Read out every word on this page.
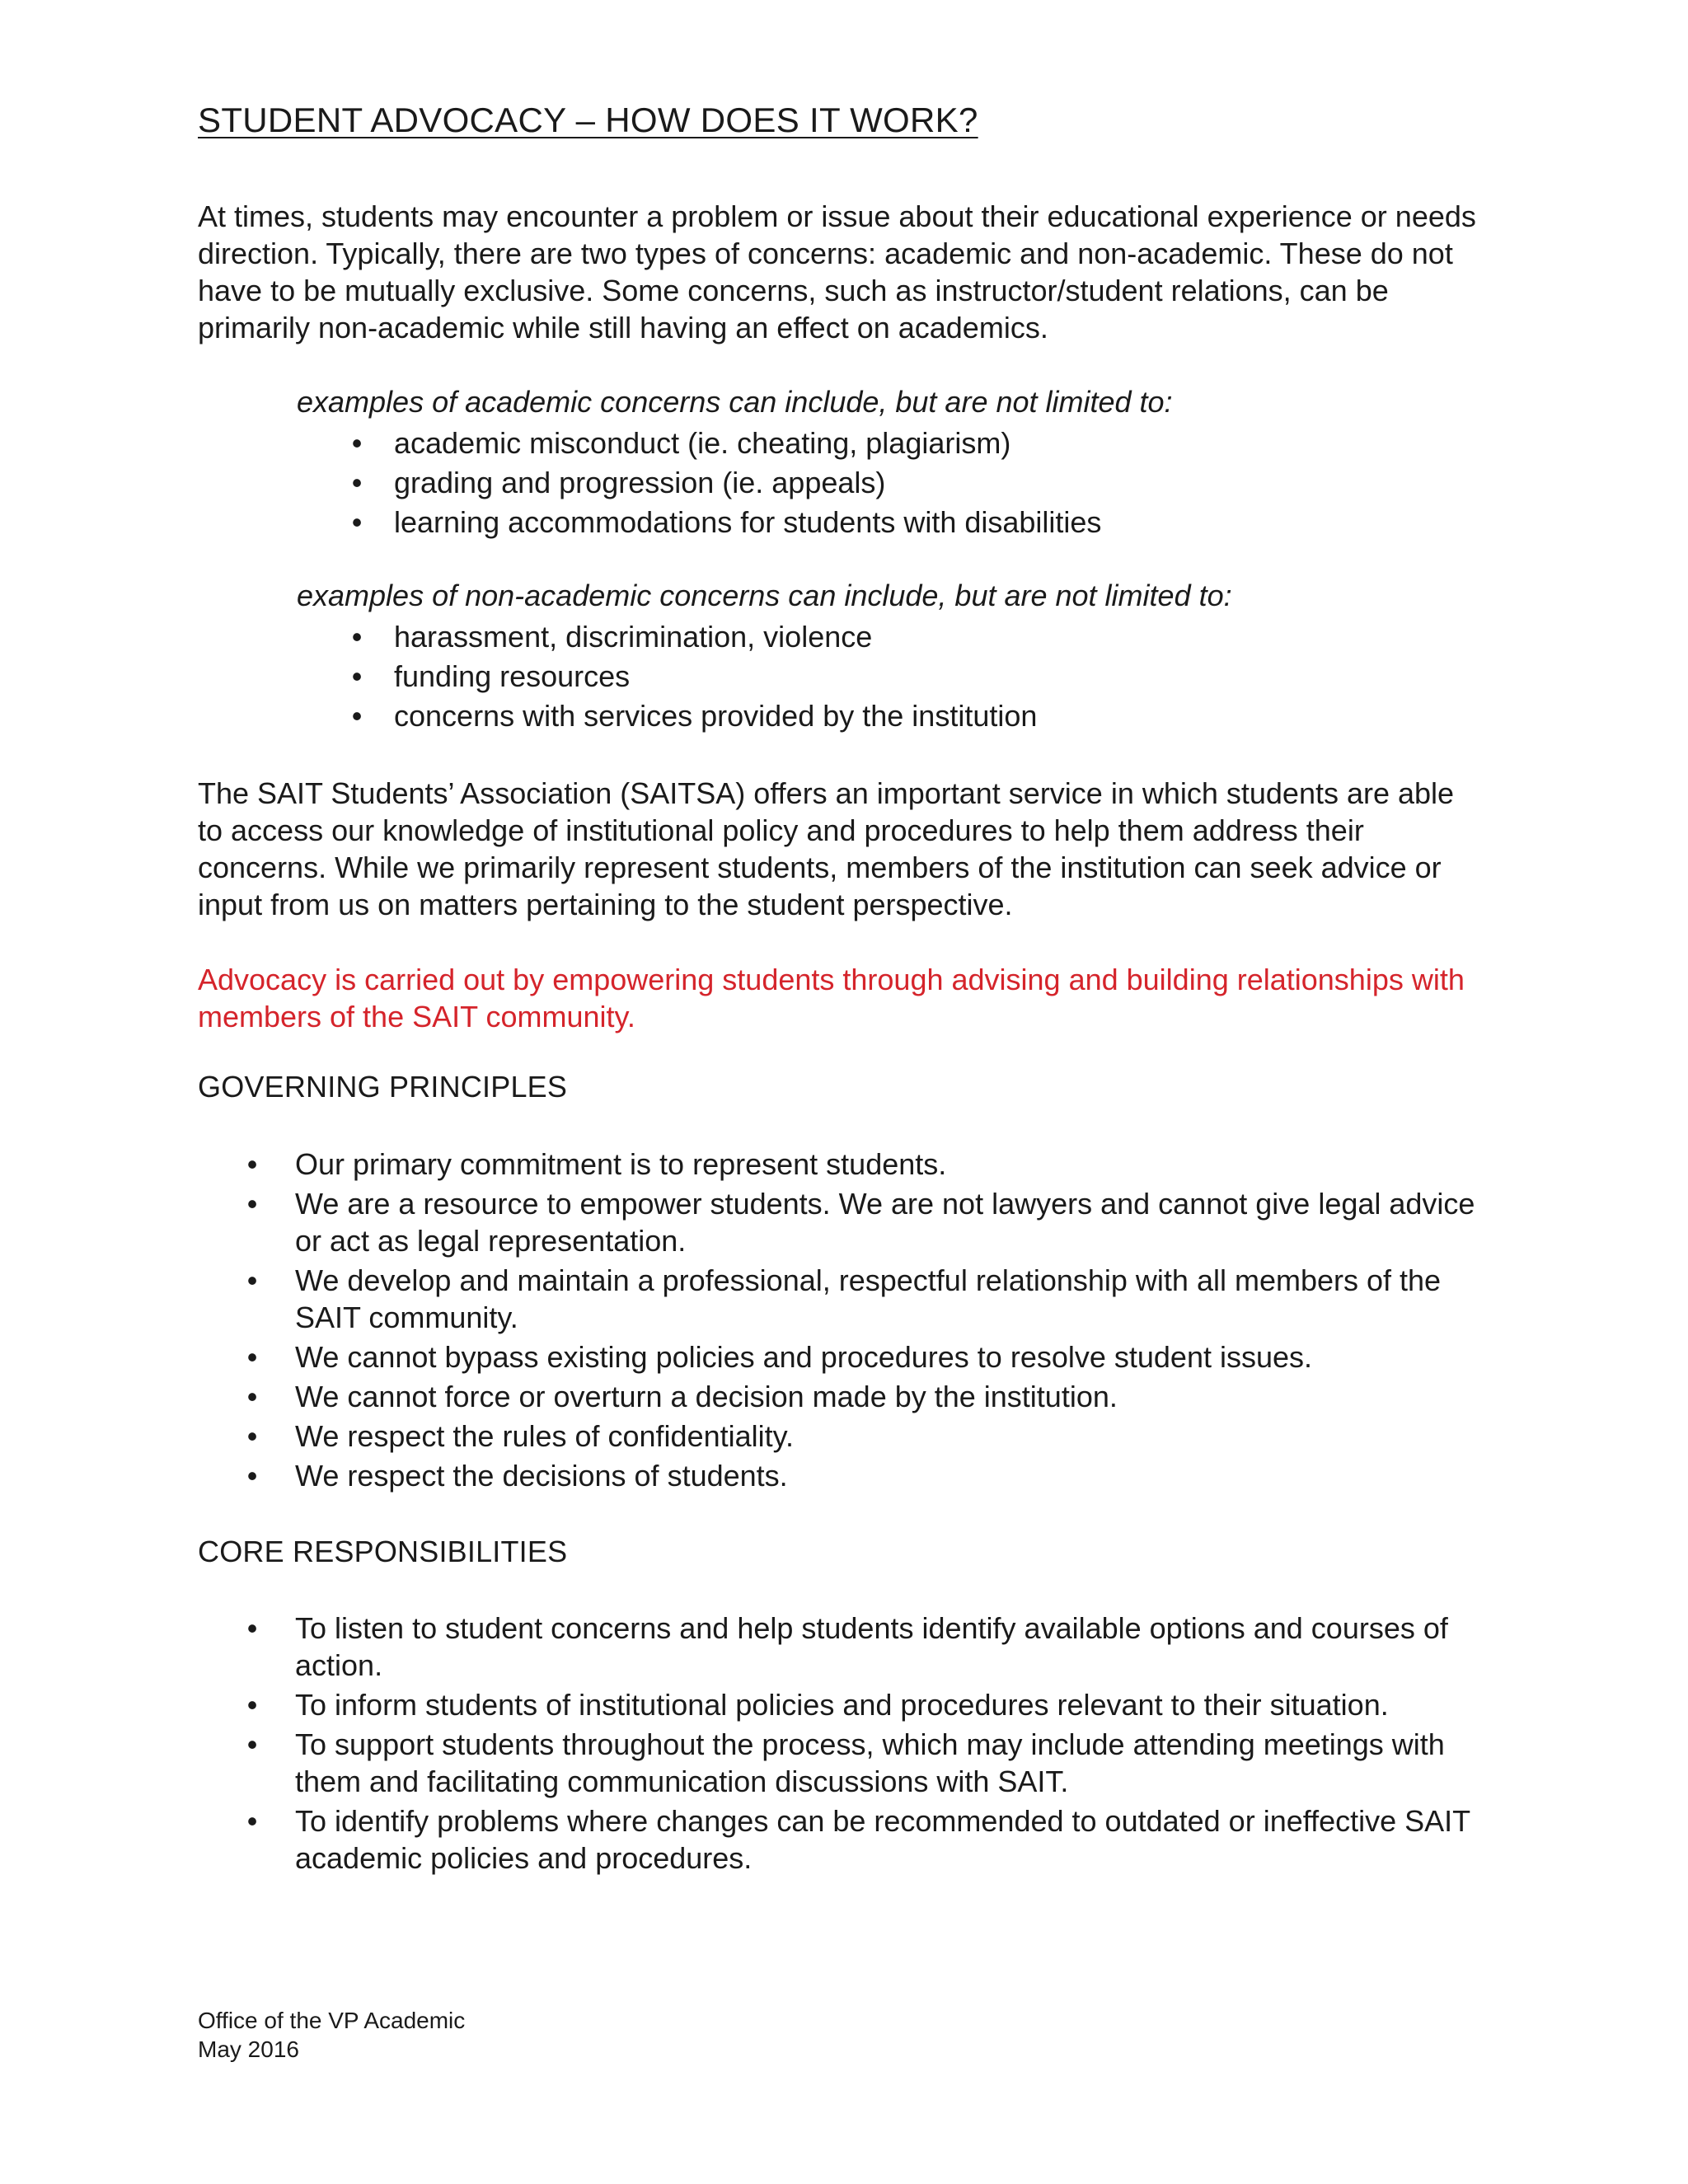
STUDENT ADVOCACY – HOW DOES IT WORK?

At times, students may encounter a problem or issue about their educational experience or needs direction. Typically, there are two types of concerns: academic and non-academic. These do not have to be mutually exclusive. Some concerns, such as instructor/student relations, can be primarily non-academic while still having an effect on academics.

examples of academic concerns can include, but are not limited to:

• academic misconduct (ie. cheating, plagiarism)
• grading and progression (ie. appeals)
• learning accommodations for students with disabilities

examples of non-academic concerns can include, but are not limited to:

• harassment, discrimination, violence
• funding resources
• concerns with services provided by the institution

The SAIT Students’ Association (SAITSA) offers an important service in which students are able to access our knowledge of institutional policy and procedures to help them address their concerns. While we primarily represent students, members of the institution can seek advice or input from us on matters pertaining to the student perspective.

Advocacy is carried out by empowering students through advising and building relationships with members of the SAIT community.

GOVERNING PRINCIPLES
• Our primary commitment is to represent students.
• We are a resource to empower students. We are not lawyers and cannot give legal advice or act as legal representation.
• We develop and maintain a professional, respectful relationship with all members of the SAIT community.
• We cannot bypass existing policies and procedures to resolve student issues.
• We cannot force or overturn a decision made by the institution.
• We respect the rules of confidentiality.
• We respect the decisions of students.
CORE RESPONSIBILITIES
• To listen to student concerns and help students identify available options and courses of action.
• To inform students of institutional policies and procedures relevant to their situation.
• To support students throughout the process, which may include attending meetings with them and facilitating communication discussions with SAIT.
• To identify problems where changes can be recommended to outdated or ineffective SAIT academic policies and procedures.
Office of the VP Academic
May 2016
